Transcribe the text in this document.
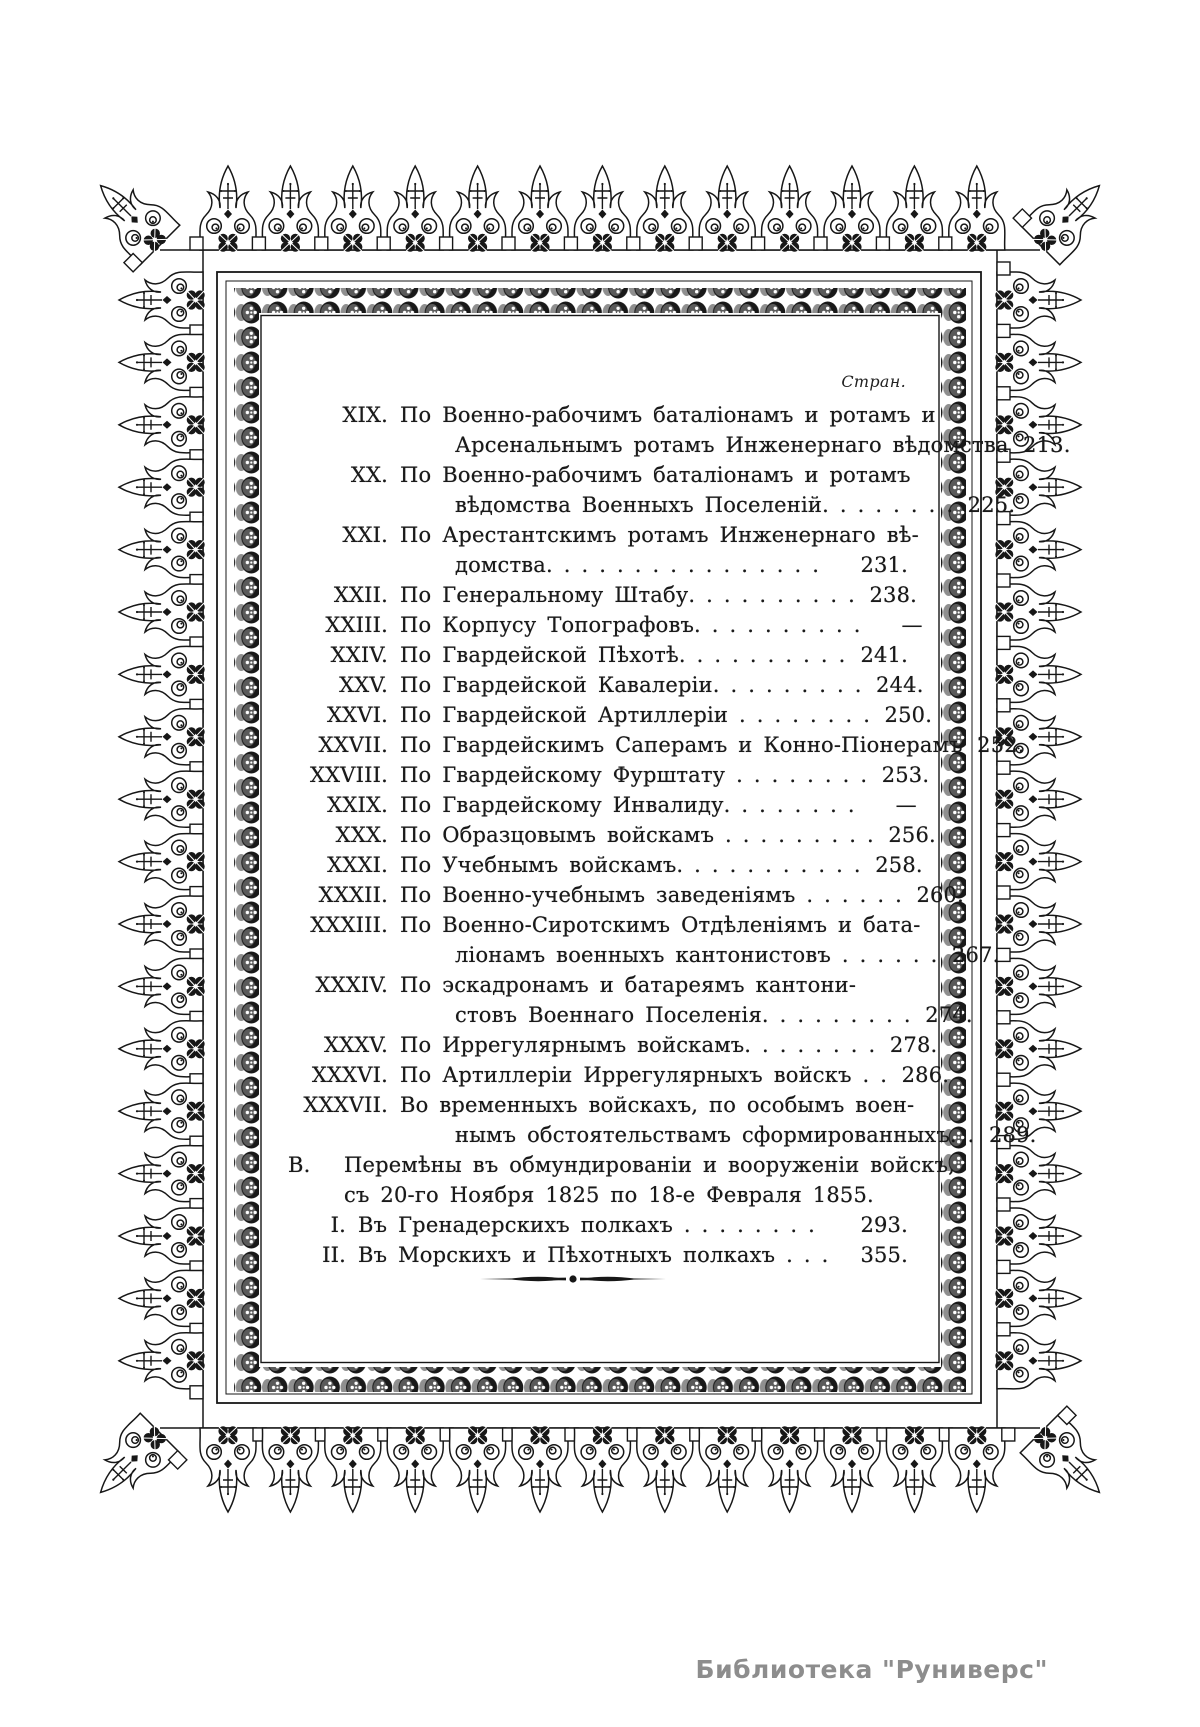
Стран.
XIX. По Военно-рабочимъ баталіонамъ и ротамъ и
Арсенальнымъ ротамъ Инженернаго вѣдомства 213.
XX. По Военно-рабочимъ баталіонамъ и ротамъ
вѣдомства Военныхъ Поселеній. . . . . . . . 225.
XXI. По Арестантскимъ ротамъ Инженернаго вѣ-
домства. . . . . . . . . . . . . . . .	231.
XXII. По Генеральному Штабу. . . . . . . . . . 238.
XXIII. По Корпусу Топографовъ. . . . . . . . . .	—
XXIV. По Гвардейской Пѣхотѣ. . . . . . . . . . 241.
XXV. По Гвардейской Кавалеріи. . . . . . . . . 244.
XXVI. По Гвардейской Артиллеріи . . . . . . . . 250.
XXVII. По Гвардейскимъ Саперамъ и Конно-Піонерамъ 252.
XXVIII. По Гвардейскому Фурштату . . . . . . . . 253.
XXIX. По Гвардейскому Инвалиду. . . . . . . .	—
XXX. По Образцовымъ войскамъ . . . . . . . . . 256.
XXXI. По Учебнымъ войскамъ. . . . . . . . . . . 258.
XXXII. По Военно-учебнымъ заведеніямъ . . . . . . 260.
XXXIII. По Военно-Сиротскимъ Отдѣленіямъ и бата-
ліонамъ военныхъ кантонистовъ . . . . . . 267.
XXXIV. По эскадронамъ и батареямъ кантони-
стовъ Военнаго Поселенія. . . . . . . . . 274.
XXXV. По Иррегулярнымъ войскамъ. . . . . . . . 278.
XXXVI. По Артиллеріи Иррегулярныхъ войскъ . . 286.
XXXVII. Во временныхъ войскахъ, по особымъ воен-
нымъ обстоятельствамъ сформированныхъ. . 289.
В.	Перемѣны въ обмундированіи и вооруженіи войскъ,
съ 20-го Ноября 1825 по 18-е Февраля 1855.
I. Въ Гренадерскихъ полкахъ . . . . . . . .	293.
II. Въ Морскихъ и Пѣхотныхъ полкахъ . . .	355.
Библиотека "Руниверс"
